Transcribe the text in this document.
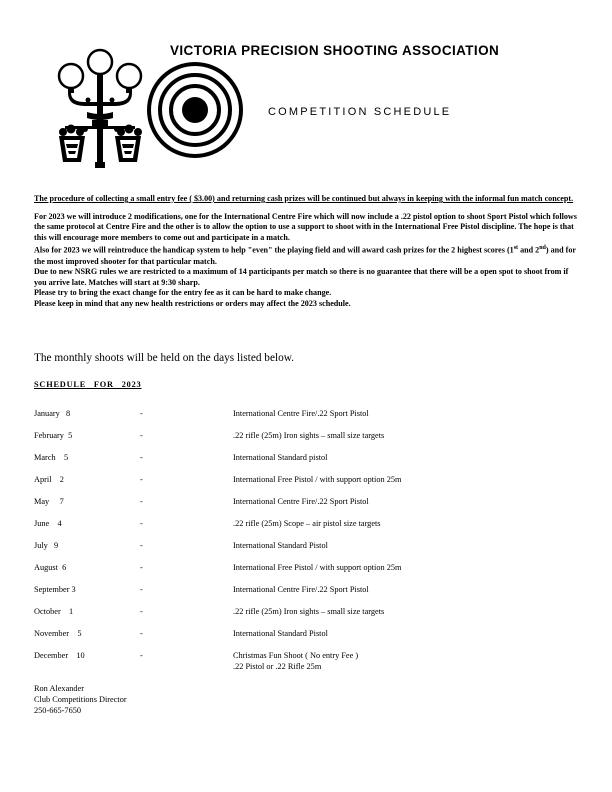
VICTORIA PRECISION SHOOTING ASSOCIATION
COMPETITION SCHEDULE

The procedure of collecting a small entry fee ( $3.00) and returning cash prizes will be continued but always in keeping with the informal fun match concept.

For 2023 we will introduce 2 modifications, one for the International Centre Fire which will now include a .22 pistol option to shoot Sport Pistol which follows the same protocol at Centre Fire and the other is to allow the option to use a support to shoot with in the International Free Pistol discipline. The hope is that this will encourage more members to come out and participate in a match.

Also for 2023 we will reintroduce the handicap system to help "even" the playing field and will award cash prizes for the 2 highest scores (1st and 2nd) and for the most improved shooter for that particular match.

Due to new NSRG rules we are restricted to a maximum of 14 participants per match so there is no guarantee that there will be a open spot to shoot from if you arrive late. Matches will start at 9:30 sharp.

Please try to bring the exact change for the entry fee as it can be hard to make change.

Please keep in mind that any new health restrictions or orders may affect the 2023 schedule.

The monthly shoots will be held on the days listed below.
SCHEDULE FOR 2023
January   8	-	International Centre Fire/.22 Sport Pistol
February  5	-	.22 rifle (25m) Iron sights – small size targets
March    5	-	International Standard pistol
April    2	-	International Free Pistol / with support option 25m
May     7	-	International Centre Fire/.22 Sport Pistol
June    4	-	.22 rifle (25m) Scope – air pistol size targets
July   9	-	International Standard Pistol
August  6	-	International Free Pistol / with support option 25m
September 3	-	International Centre Fire/.22 Sport Pistol
October    1	-	.22 rifle (25m) Iron sights – small size targets
November    5	-	International Standard Pistol
December    10	-	Christmas Fun Shoot ( No entry Fee )
.22 Pistol or .22 Rifle 25m
Ron Alexander
Club Competitions Director
250-665-7650
